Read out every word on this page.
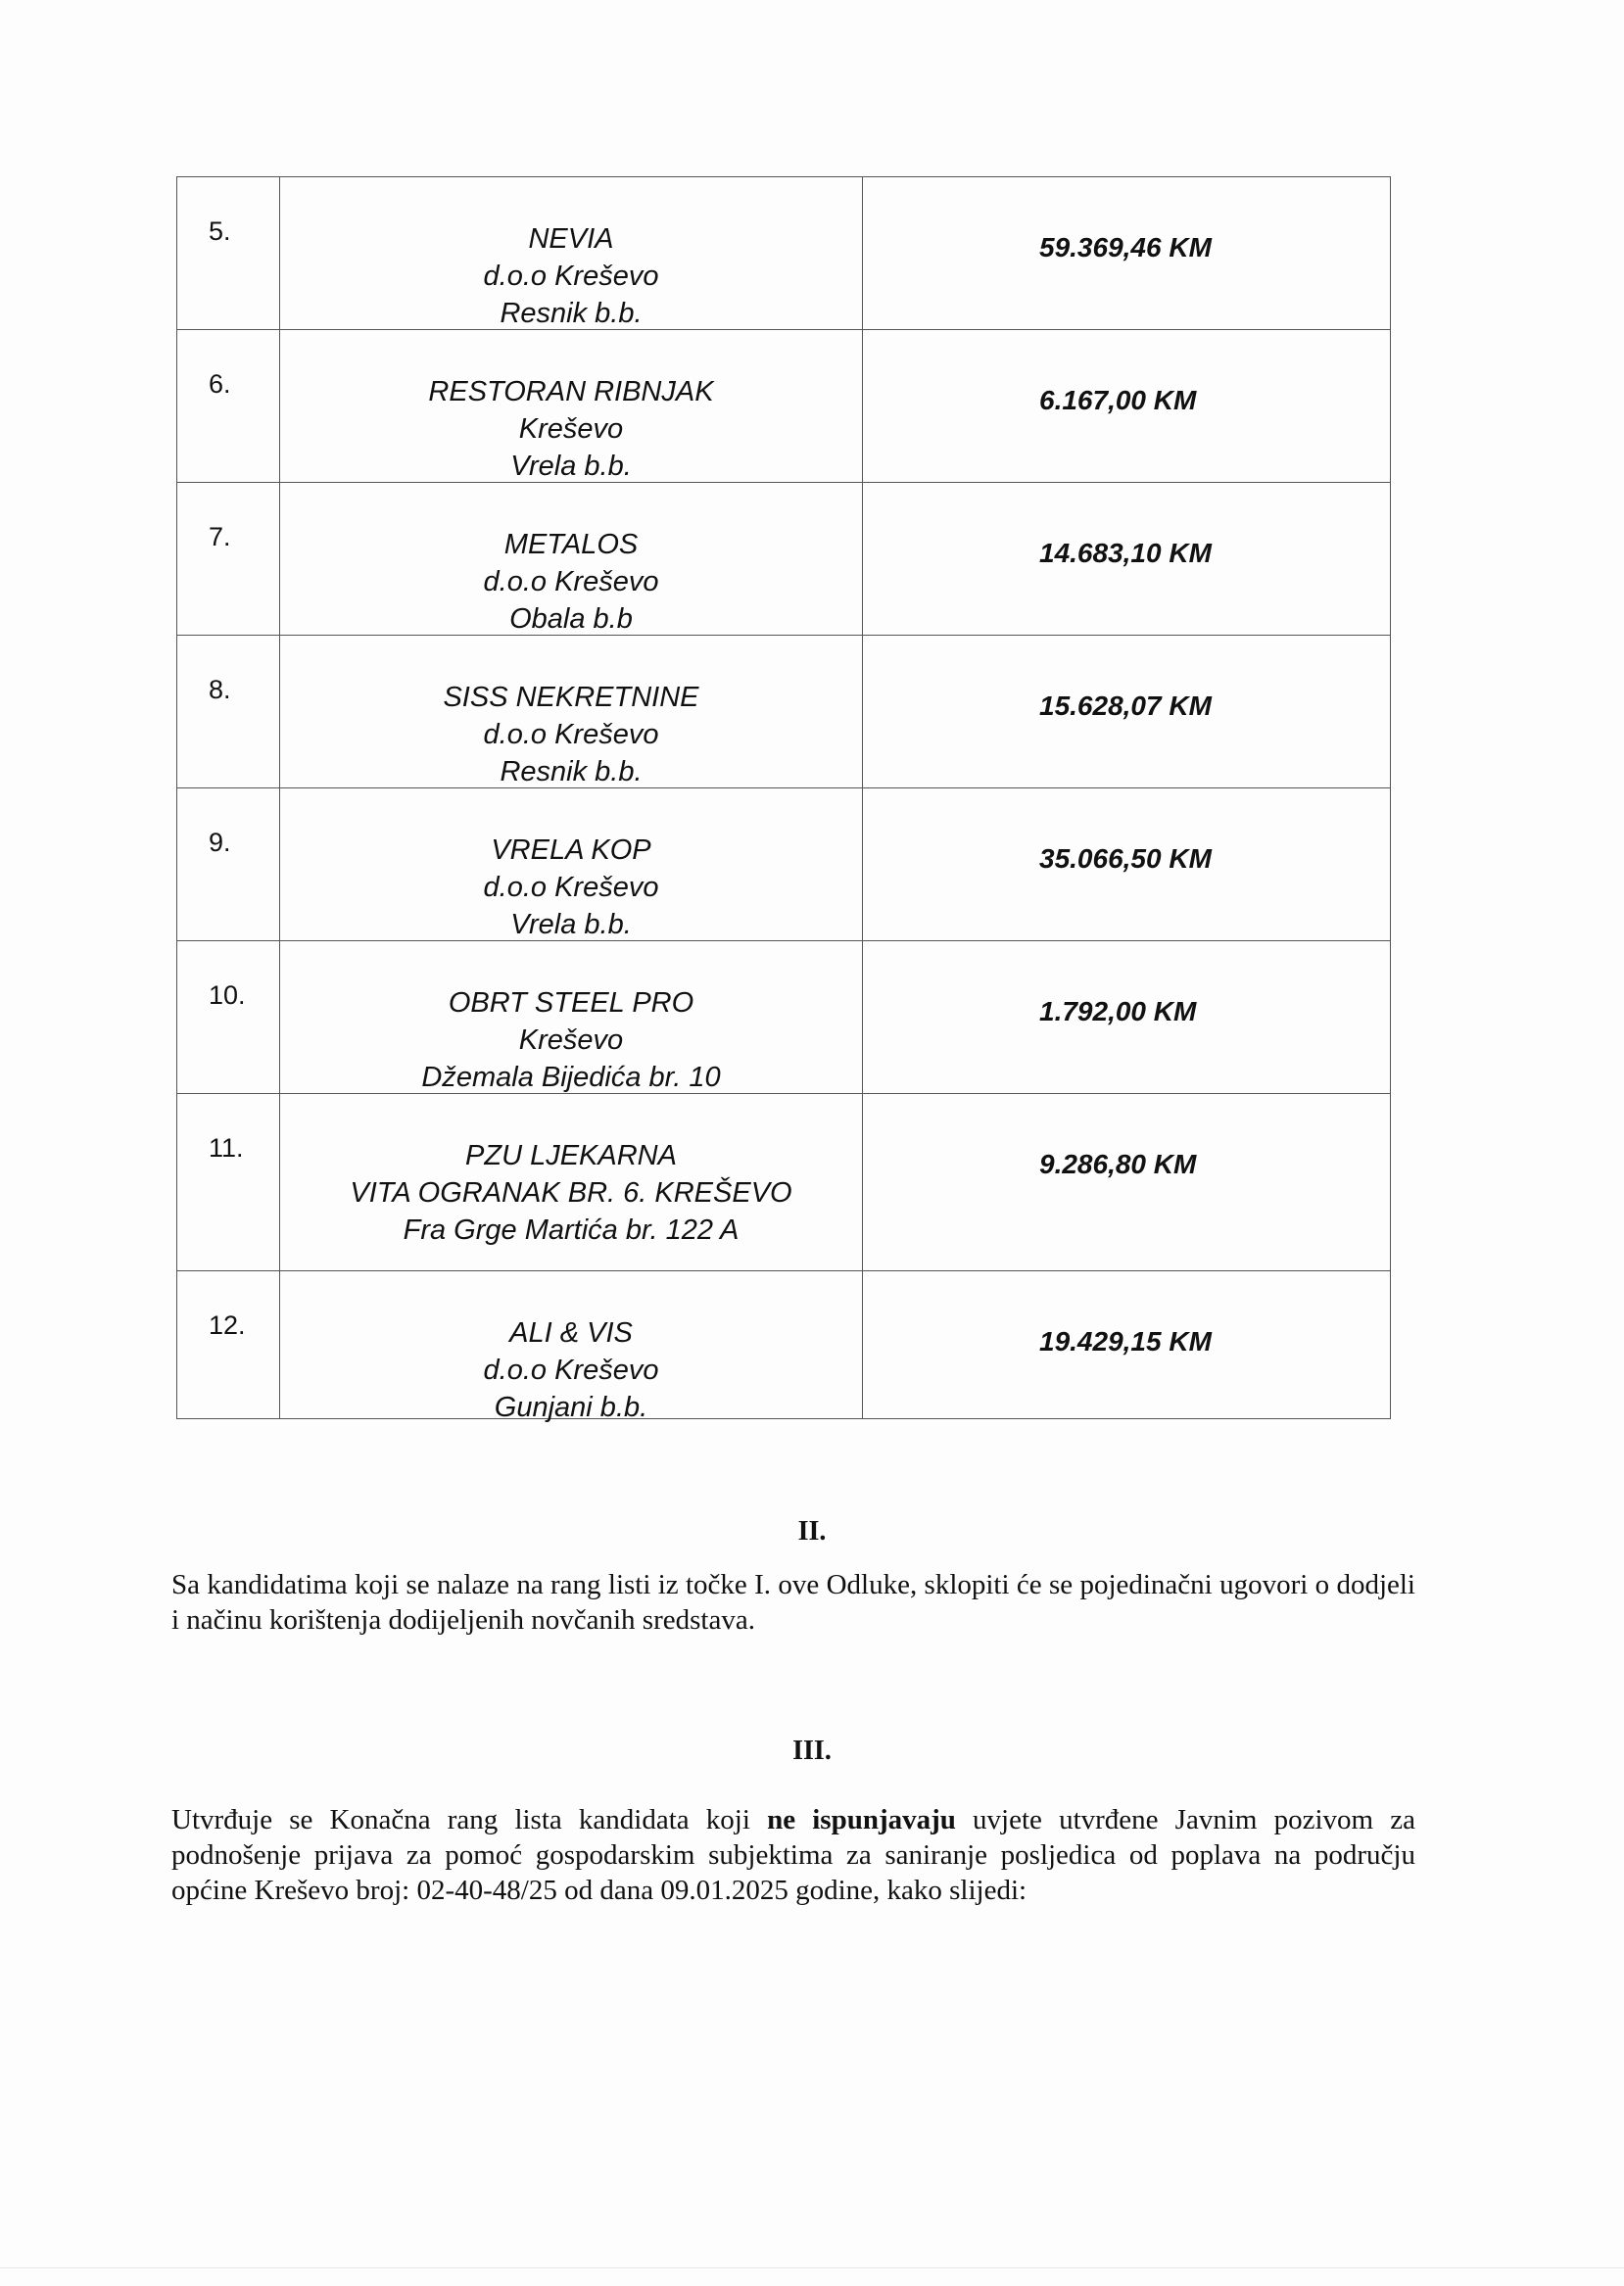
5.	NEVIA
d.o.o Kreševo
Resnik b.b.
59.369,46 KM
6.	RESTORAN RIBNJAK
Kreševo
Vrela b.b.
6.167,00 KM
7.	METALOS
d.o.o Kreševo
Obala b.b
14.683,10 KM
8.	SISS NEKRETNINE
d.o.o Kreševo
Resnik b.b.
15.628,07 KM
9.	VRELA KOP
d.o.o Kreševo
Vrela b.b.
35.066,50 KM
10.	OBRT STEEL PRO
Kreševo
Džemala Bijedića br. 10
1.792,00 KM
11.	PZU LJEKARNA
VITA OGRANAK BR. 6. KREŠEVO
Fra Grge Martića br. 122 A
9.286,80 KM
12.	ALI & VIS
d.o.o Kreševo
Gunjani b.b.
19.429,15 KM
II.
Sa kandidatima koji se nalaze na rang listi iz točke I. ove Odluke, sklopiti će se pojedinačni ugovori o dodjeli i načinu korištenja dodijeljenih novčanih sredstava.
III.
Utvrđuje se Konačna rang lista kandidata koji ne ispunjavaju uvjete utvrđene Javnim pozivom za podnošenje prijava za pomoć gospodarskim subjektima za saniranje posljedica od poplava na području općine Kreševo broj: 02-40-48/25 od dana 09.01.2025 godine, kako slijedi:
